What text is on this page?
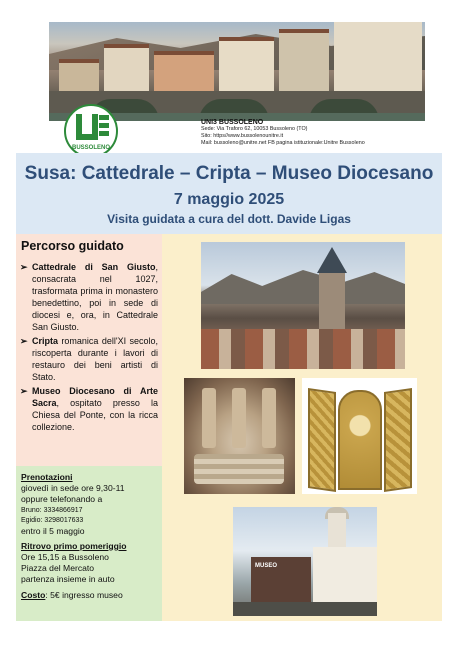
BUSSOLENO
UNI3 BUSSOLENO
Sede: Via Traforo 62, 10053 Bussoleno (TO)
Sito: https//www.bussolenounitre.it
Mail: bussoleno@unitre.net FB pagina istituzionale:Unitre Bussoleno
Susa: Cattedrale – Cripta – Museo Diocesano
7 maggio 2025
Visita guidata a cura del dott. Davide Ligas
Percorso guidato
➢ Cattedrale di San Giusto, consacrata nel 1027, trasformata prima in monastero benedettino, poi in sede di diocesi e, ora, in Cattedrale San Giusto.
➢ Cripta romanica dell'XI secolo, riscoperta durante i lavori di restauro dei beni artisti di Stato.
➢ Museo Diocesano di Arte Sacra, ospitato presso la Chiesa del Ponte, con la ricca collezione.
Prenotazioni
giovedì in sede ore 9,30-11
oppure telefonando a
Bruno: 3334866917
Egidio: 3298017633
entro il 5 maggio
Ritrovo primo pomeriggio
Ore 15,15 a Bussoleno
Piazza del Mercato
partenza insieme in auto
Costo: 5€ ingresso museo
MUSEO
